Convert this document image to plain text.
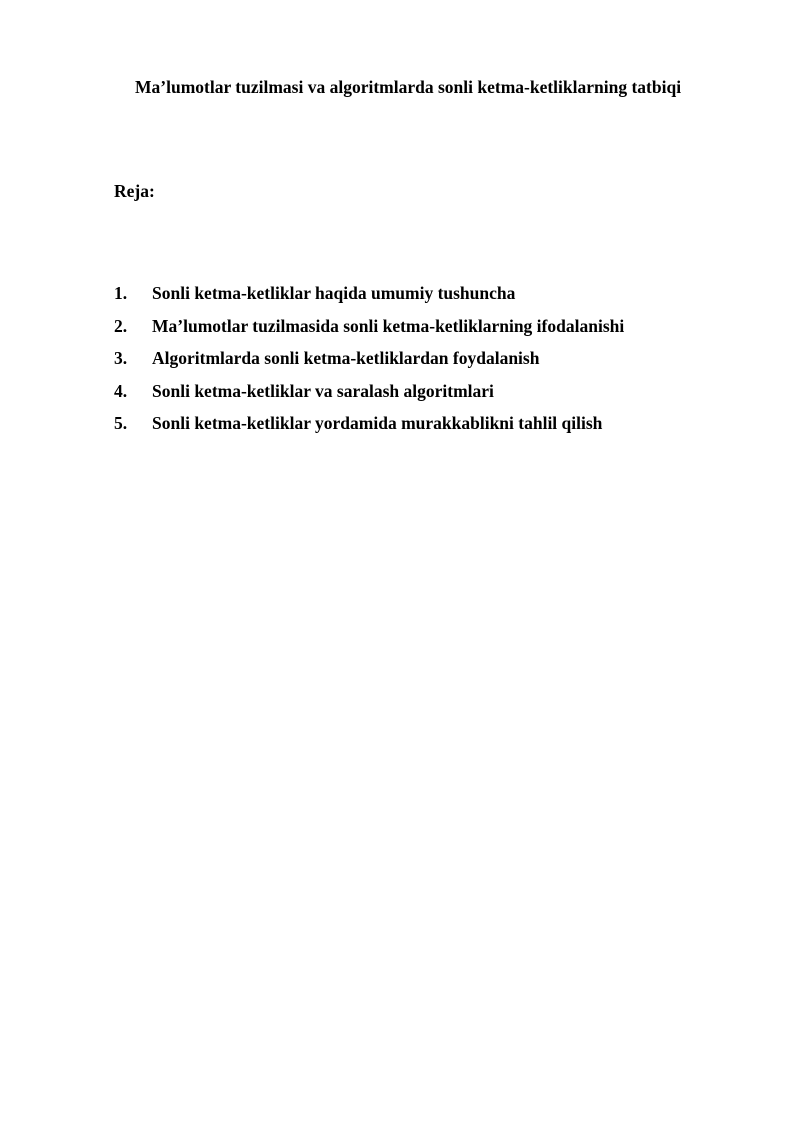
Ma’lumotlar tuzilmasi va algoritmlarda sonli ketma-ketliklarning tatbiqi
Reja:
1.	Sonli ketma-ketliklar haqida umumiy tushuncha
2.	Ma’lumotlar tuzilmasida sonli ketma-ketliklarning ifodalanishi
3.	Algoritmlarda sonli ketma-ketliklardan foydalanish
4.	Sonli ketma-ketliklar va saralash algoritmlari
5.	Sonli ketma-ketliklar yordamida murakkablikni tahlil qilish
